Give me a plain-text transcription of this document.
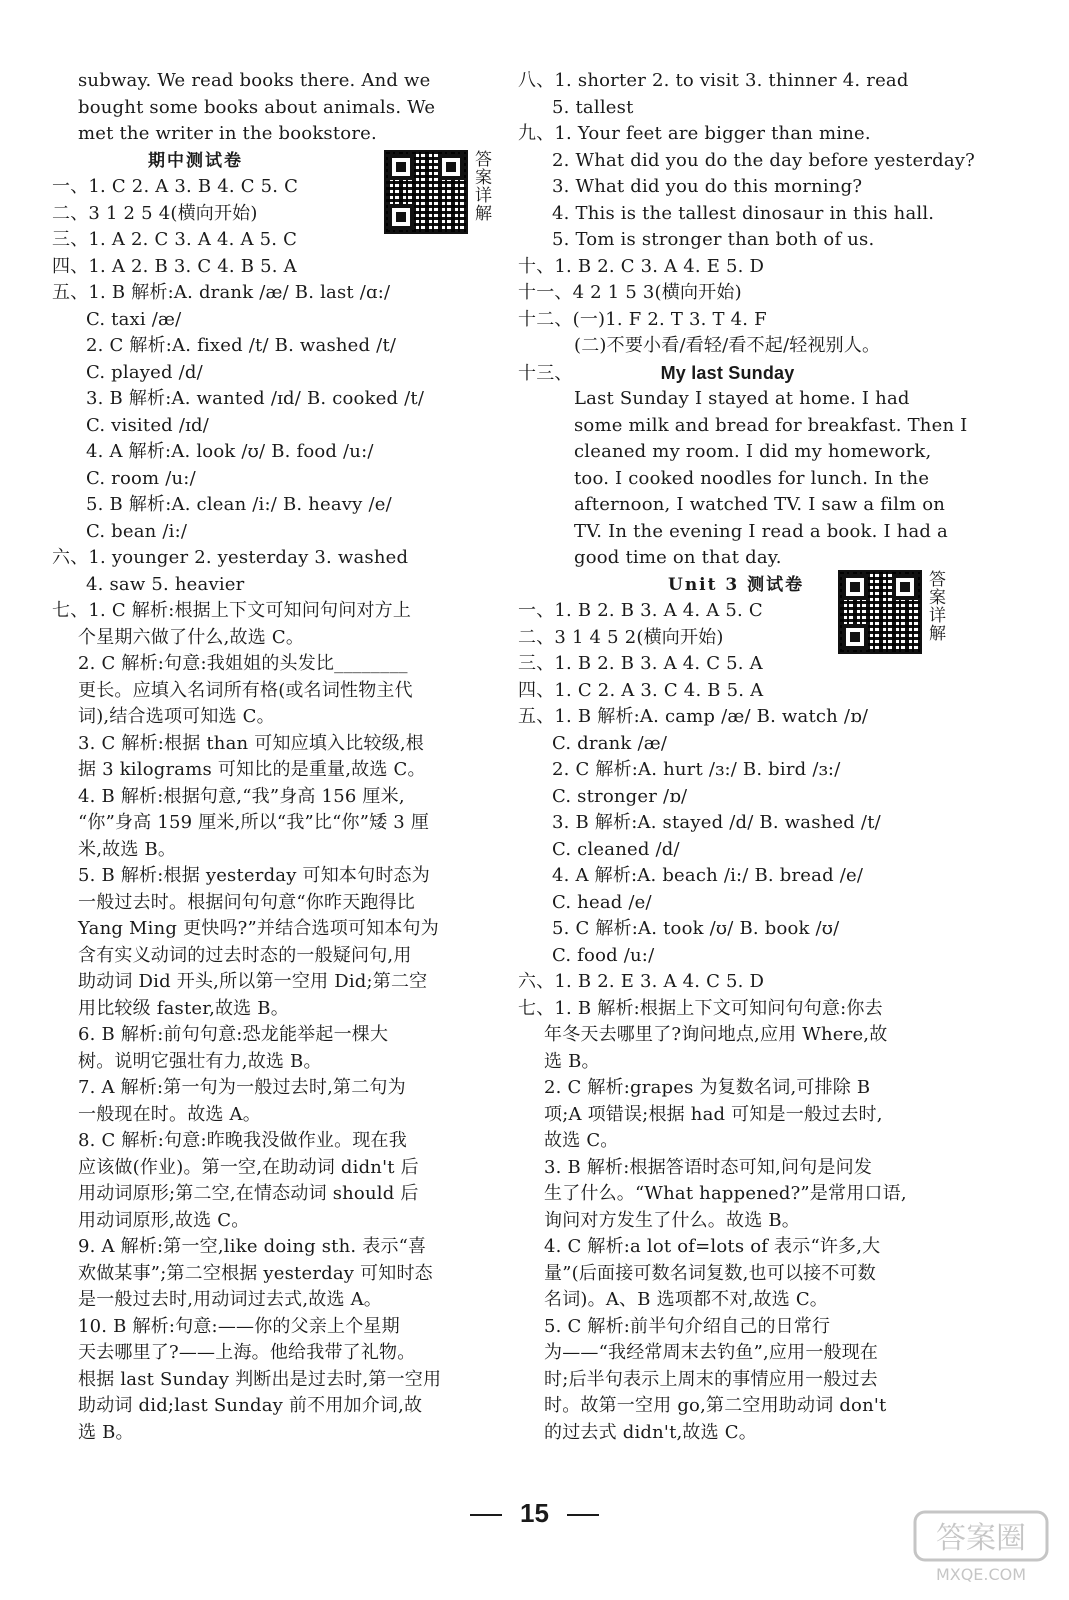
subway. We read books there. And we
bought some books about animals. We
met the writer in the bookstore.
期中测试卷
一、1. C 2. A 3. B 4. C 5. C
二、3 1 2 5 4(横向开始)
三、1. A 2. C 3. A 4. A 5. C
四、1. A 2. B 3. C 4. B 5. A
五、1. B 解析:A. drank /æ/ B. last /ɑ:/
C. taxi /æ/
2. C 解析:A. fixed /t/ B. washed /t/
C. played /d/
3. B 解析:A. wanted /ɪd/ B. cooked /t/
C. visited /ɪd/
4. A 解析:A. look /ʊ/ B. food /u:/
C. room /u:/
5. B 解析:A. clean /i:/ B. heavy /e/
C. bean /i:/
六、1. younger 2. yesterday 3. washed
4. saw 5. heavier
七、1. C 解析:根据上下文可知问句问对方上
个星期六做了什么,故选 C。
2. C 解析:句意:我姐姐的头发比________
更长。应填入名词所有格(或名词性物主代
词),结合选项可知选 C。
3. C 解析:根据 than 可知应填入比较级,根
据 3 kilograms 可知比的是重量,故选 C。
4. B 解析:根据句意,“我”身高 156 厘米,
“你”身高 159 厘米,所以“我”比“你”矮 3 厘
米,故选 B。
5. B 解析:根据 yesterday 可知本句时态为
一般过去时。根据问句句意“你昨天跑得比
Yang Ming 更快吗?”并结合选项可知本句为
含有实义动词的过去时态的一般疑问句,用
助动词 Did 开头,所以第一空用 Did;第二空
用比较级 faster,故选 B。
6. B 解析:前句句意:恐龙能举起一棵大
树。说明它强壮有力,故选 B。
7. A 解析:第一句为一般过去时,第二句为
一般现在时。故选 A。
8. C 解析:句意:昨晚我没做作业。现在我
应该做(作业)。第一空,在助动词 didn't 后
用动词原形;第二空,在情态动词 should 后
用动词原形,故选 C。
9. A 解析:第一空,like doing sth. 表示“喜
欢做某事”;第二空根据 yesterday 可知时态
是一般过去时,用动词过去式,故选 A。
10. B 解析:句意:——你的父亲上个星期
天去哪里了?——上海。他给我带了礼物。
根据 last Sunday 判断出是过去时,第一空用
助动词 did;last Sunday 前不用加介词,故
选 B。
八、1. shorter 2. to visit 3. thinner 4. read
5. tallest
九、1. Your feet are bigger than mine.
2. What did you do the day before yesterday?
3. What did you do this morning?
4. This is the tallest dinosaur in this hall.
5. Tom is stronger than both of us.
十、1. B 2. C 3. A 4. E 5. D
十一、4 2 1 5 3(横向开始)
十二、(一)1. F 2. T 3. T 4. F
(二)不要小看/看轻/看不起/轻视别人。
十三、	My last Sunday
Last Sunday I stayed at home. I had
some milk and bread for breakfast. Then I
cleaned my room. I did my homework,
too. I cooked noodles for lunch. In the
afternoon, I watched TV. I saw a film on
TV. In the evening I read a book. I had a
good time on that day.
Unit 3 测试卷
一、1. B 2. B 3. A 4. A 5. C
二、3 1 4 5 2(横向开始)
三、1. B 2. B 3. A 4. C 5. A
四、1. C 2. A 3. C 4. B 5. A
五、1. B 解析:A. camp /æ/ B. watch /ɒ/
C. drank /æ/
2. C 解析:A. hurt /ɜ:/ B. bird /ɜ:/
C. stronger /ɒ/
3. B 解析:A. stayed /d/ B. washed /t/
C. cleaned /d/
4. A 解析:A. beach /i:/ B. bread /e/
C. head /e/
5. C 解析:A. took /ʊ/ B. book /ʊ/
C. food /u:/
六、1. B 2. E 3. A 4. C 5. D
七、1. B 解析:根据上下文可知问句句意:你去
年冬天去哪里了?询问地点,应用 Where,故
选 B。
2. C 解析:grapes 为复数名词,可排除 B
项;A 项错误;根据 had 可知是一般过去时,
故选 C。
3. B 解析:根据答语时态可知,问句是问发
生了什么。“What happened?”是常用口语,
询问对方发生了什么。故选 B。
4. C 解析:a lot of=lots of 表示“许多,大
量”(后面接可数名词复数,也可以接不可数
名词)。A、B 选项都不对,故选 C。
5. C 解析:前半句介绍自己的日常行
为——“我经常周末去钓鱼”,应用一般现在
时;后半句表示上周末的事情应用一般过去
时。故第一空用 go,第二空用助动词 don't
的过去式 didn't,故选 C。
答案详解
答案详解
15
答案圈
MXQE.COM
